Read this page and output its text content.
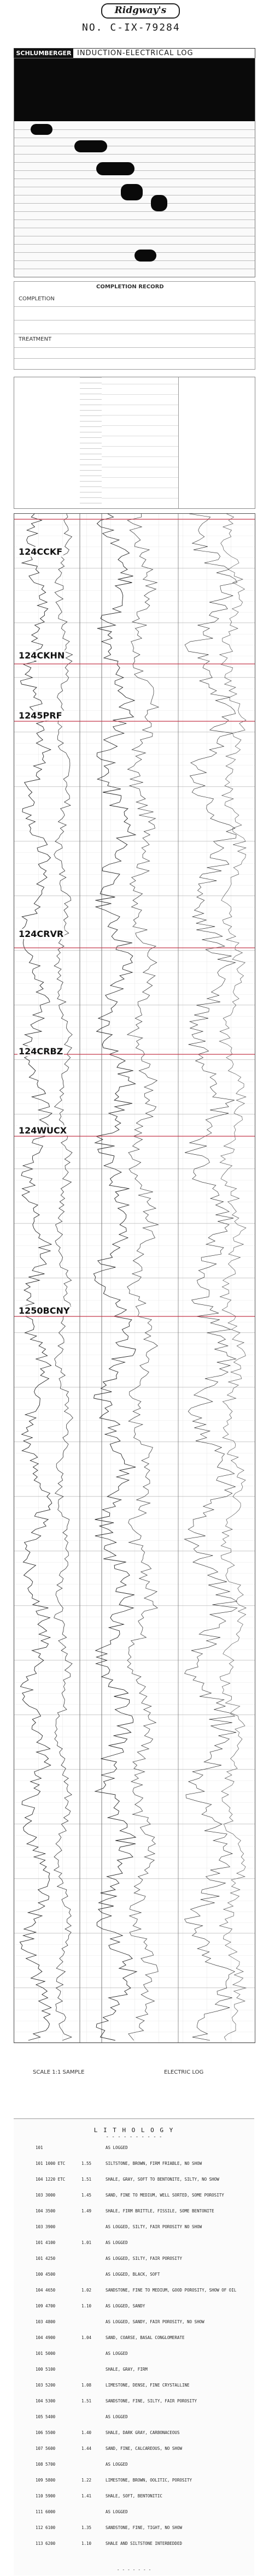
Ridgway's
NO. C-IX-79284
SCHLUMBERGER INDUCTION-ELECTRICAL LOG
COMPLETION RECORD
COMPLETION
TREATMENT
124CCKF
124CKHN
1245PRF
124CRVR
124CRBZ
124WUCX
1250BCNY
SCALE 1:1 SAMPLE	ELECTRIC LOG
L I T H O L O G Y
- - - - - - - - - -
101	AS LOGGED
101 1000 ETC	1.55	SILTSTONE, BROWN, FIRM FRIABLE, NO SHOW
104 1220 ETC	1.51	SHALE, GRAY, SOFT TO BENTONITE, SILTY, NO SHOW
103 3000	1.45	SAND, FINE TO MEDIUM, WELL SORTED, SOME POROSITY
104 3500	1.49	SHALE, FIRM BRITTLE, FISSILE, SOME BENTONITE
103 3900	AS LOGGED, SILTY, FAIR POROSITY NO SHOW
101 4100	1.01	AS LOGGED
101 4250	AS LOGGED, SILTY, FAIR POROSITY
100 4500	AS LOGGED, BLACK, SOFT
104 4650	1.02	SANDSTONE, FINE TO MEDIUM, GOOD POROSITY, SHOW OF OIL
109 4700	1.10	AS LOGGED, SANDY
103 4800	AS LOGGED, SANDY, FAIR POROSITY, NO SHOW
104 4900	1.04	SAND, COARSE, BASAL CONGLOMERATE
101 5000	AS LOGGED
100 5100	SHALE, GRAY, FIRM
103 5200	1.08	LIMESTONE, DENSE, FINE CRYSTALLINE
104 5300	1.51	SANDSTONE, FINE, SILTY, FAIR POROSITY
105 5400	AS LOGGED
106 5500	1.40	SHALE, DARK GRAY, CARBONACEOUS
107 5600	1.44	SAND, FINE, CALCAREOUS, NO SHOW
108 5700	AS LOGGED
109 5800	1.22	LIMESTONE, BROWN, OOLITIC, POROSITY
110 5900	1.41	SHALE, SOFT, BENTONITIC
111 6000	AS LOGGED
112 6100	1.35	SANDSTONE, FINE, TIGHT, NO SHOW
113 6200	1.10	SHALE AND SILTSTONE INTERBEDDED
- - - - - - -
